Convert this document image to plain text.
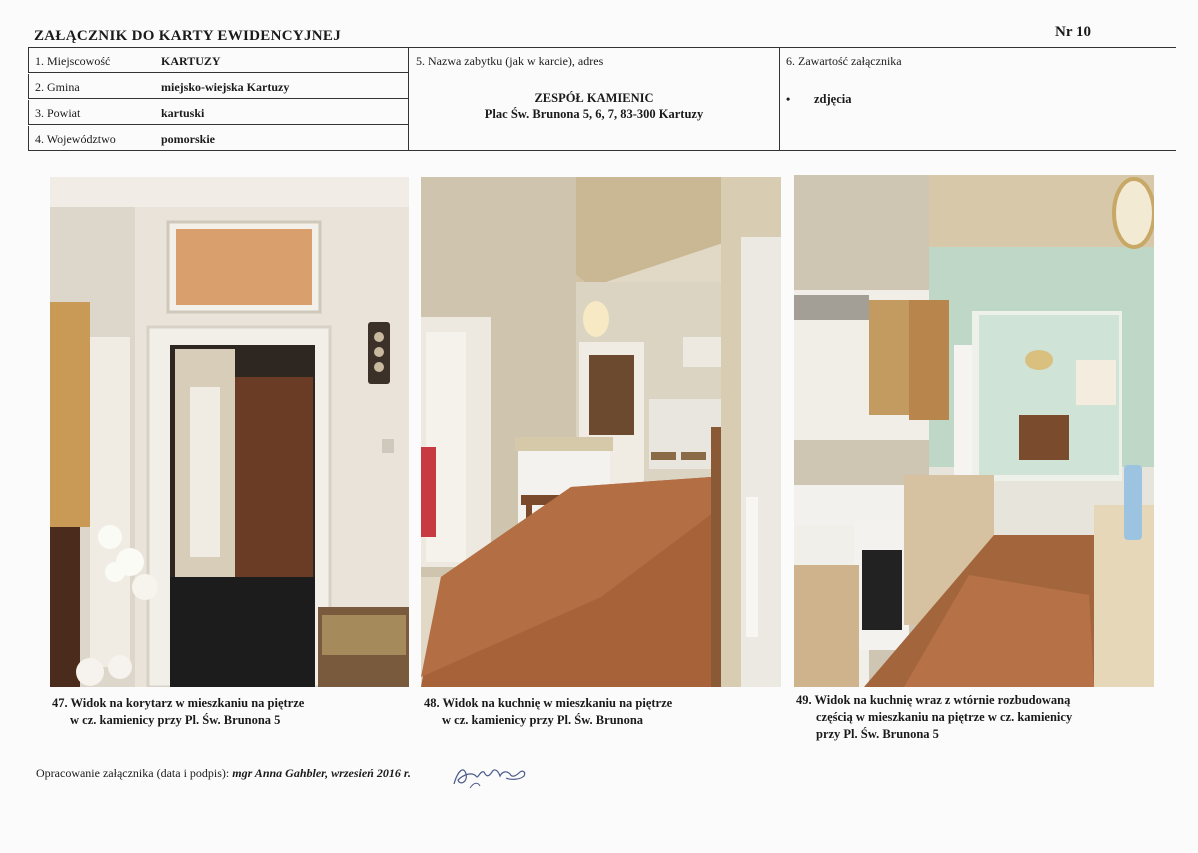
ZAŁĄCZNIK DO KARTY EWIDENCYJNEJ	Nr 10
1. Miejscowość	KARTUZY
2. Gmina	miejsko-wiejska Kartuzy
3. Powiat	kartuski
4. Województwo	pomorskie
5. Nazwa zabytku (jak w karcie), adres
ZESPÓŁ KAMIENIC
Plac Św. Brunona 5, 6, 7, 83-300 Kartuzy
6. Zawartość załącznika
• zdjęcia
47. Widok na korytarz w mieszkaniu na piętrze
w cz. kamienicy przy Pl. Św. Brunona 5
48. Widok na kuchnię w mieszkaniu na piętrze
w cz. kamienicy przy Pl. Św. Brunona
49. Widok na kuchnię wraz z wtórnie rozbudowaną
częścią w mieszkaniu na piętrze w cz. kamienicy
przy Pl. Św. Brunona 5
Opracowanie załącznika (data i podpis): mgr Anna Gahbler, wrzesień 2016 r.
